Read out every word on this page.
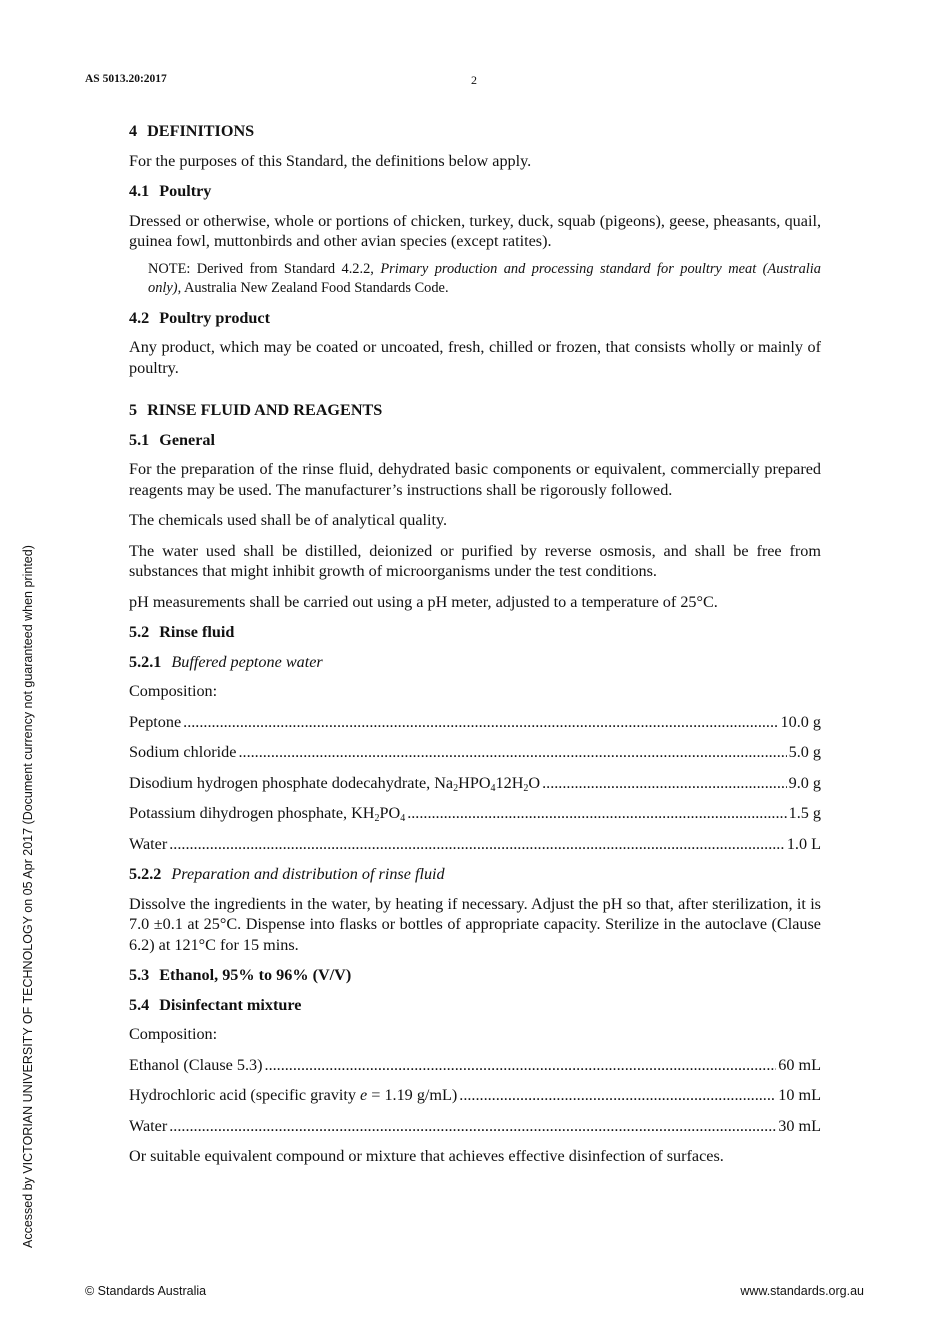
AS 5013.20:2017	2
Accessed by VICTORIAN UNIVERSITY OF TECHNOLOGY on 05 Apr 2017 (Document currency not guaranteed when printed)
4 DEFINITIONS

For the purposes of this Standard, the definitions below apply.

4.1 Poultry

Dressed or otherwise, whole or portions of chicken, turkey, duck, squab (pigeons), geese, pheasants, quail, guinea fowl, muttonbirds and other avian species (except ratites).

NOTE: Derived from Standard 4.2.2, Primary production and processing standard for poultry meat (Australia only), Australia New Zealand Food Standards Code.

4.2 Poultry product

Any product, which may be coated or uncoated, fresh, chilled or frozen, that consists wholly or mainly of poultry.

5 RINSE FLUID AND REAGENTS
5.1 General

For the preparation of the rinse fluid, dehydrated basic components or equivalent, commercially prepared reagents may be used. The manufacturer’s instructions shall be rigorously followed.

The chemicals used shall be of analytical quality.

The water used shall be distilled, deionized or purified by reverse osmosis, and shall be free from substances that might inhibit growth of microorganisms under the test conditions.

pH measurements shall be carried out using a pH meter, adjusted to a temperature of 25°C.

5.2 Rinse fluid
5.2.1 Buffered peptone water

Composition:

Peptone .....	10.0 g
Sodium chloride .....	5.0 g
Disodium hydrogen phosphate dodecahydrate, $Na_2HPO_412H_2O$ .....	9.0 g
Potassium dihydrogen phosphate, $KH_2PO_4$ .....	1.5 g
Water .....	1.0 L
5.2.2 Preparation and distribution of rinse fluid

Dissolve the ingredients in the water, by heating if necessary. Adjust the pH so that, after sterilization, it is 7.0 ±0.1 at 25°C. Dispense into flasks or bottles of appropriate capacity. Sterilize in the autoclave (Clause 6.2) at 121°C for 15 mins.

5.3 Ethanol, 95% to 96% (V/V)
5.4 Disinfectant mixture

Composition:

Ethanol (Clause 5.3) .....	60 mL
Hydrochloric acid (specific gravity e = 1.19 g/mL) .....	10 mL
Water .....	30 mL

Or suitable equivalent compound or mixture that achieves effective disinfection of surfaces.

© Standards Australia	www.standards.org.au
